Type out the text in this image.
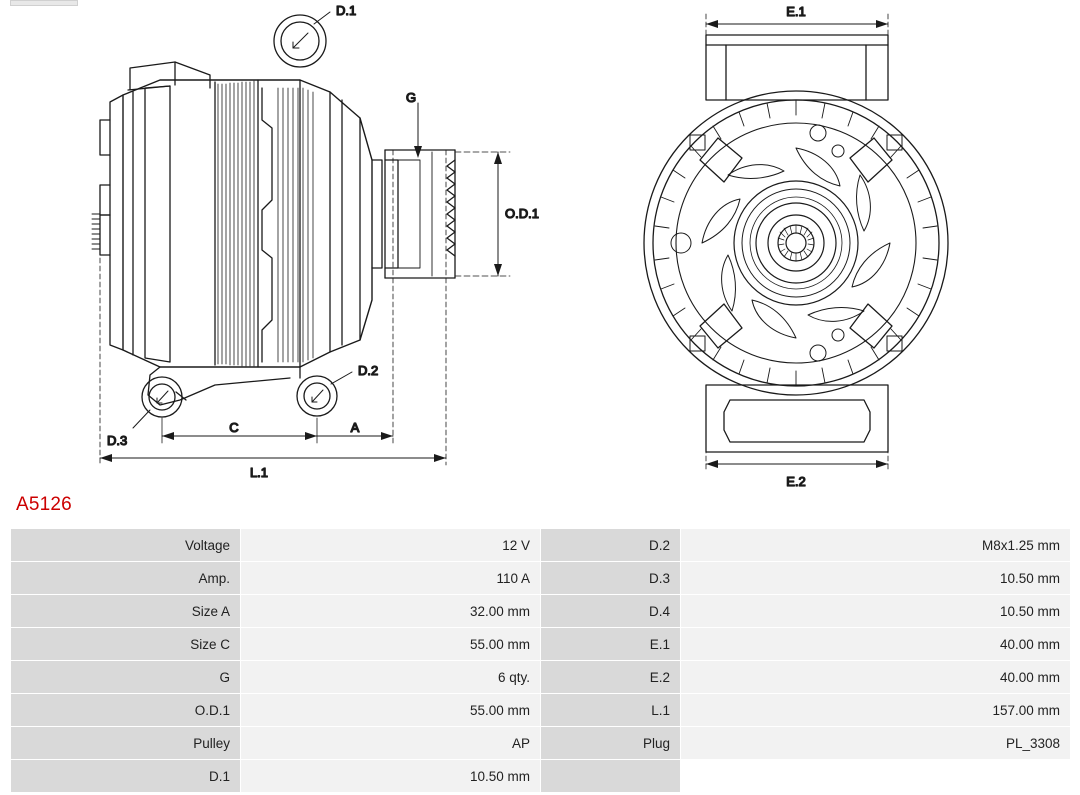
D.1
D.3
D.2
G
O.D.1
C	A
L.1
E.1
E.2
A5126
Voltage	12 V	D.2	M8x1.25 mm
Amp.	110 A	D.3	10.50 mm
Size A	32.00 mm	D.4	10.50 mm
Size C	55.00 mm	E.1	40.00 mm
G	6 qty.	E.2	40.00 mm
O.D.1	55.00 mm	L.1	157.00 mm
Pulley	AP	Plug	PL_3308
D.1	10.50 mm		
